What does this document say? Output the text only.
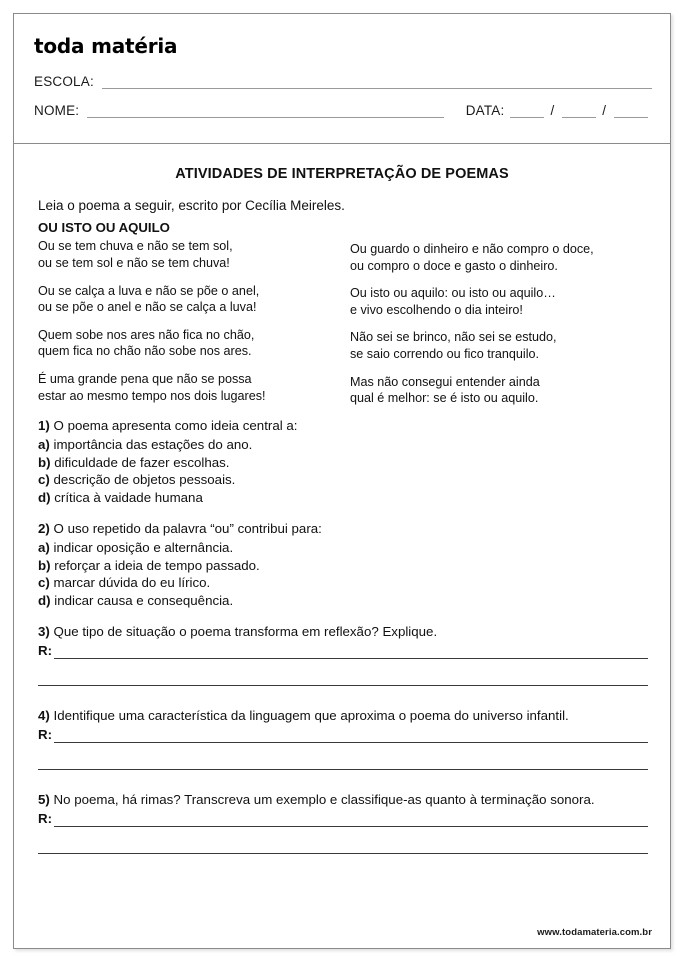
toda matéria
ESCOLA:
NOME:	DATA:	/	/
ATIVIDADES DE INTERPRETAÇÃO DE POEMAS
Leia o poema a seguir, escrito por Cecília Meireles.
OU ISTO OU AQUILO
Ou se tem chuva e não se tem sol,
ou se tem sol e não se tem chuva!
Ou se calça a luva e não se põe o anel,
ou se põe o anel e não se calça a luva!
Quem sobe nos ares não fica no chão,
quem fica no chão não sobe nos ares.
É uma grande pena que não se possa
estar ao mesmo tempo nos dois lugares!
Ou guardo o dinheiro e não compro o doce,
ou compro o doce e gasto o dinheiro.
Ou isto ou aquilo: ou isto ou aquilo…
e vivo escolhendo o dia inteiro!
Não sei se brinco, não sei se estudo,
se saio correndo ou fico tranquilo.
Mas não consegui entender ainda
qual é melhor: se é isto ou aquilo.
1) O poema apresenta como ideia central a:
a) importância das estações do ano.
b) dificuldade de fazer escolhas.
c) descrição de objetos pessoais.
d) crítica à vaidade humana
2) O uso repetido da palavra “ou” contribui para:
a) indicar oposição e alternância.
b) reforçar a ideia de tempo passado.
c) marcar dúvida do eu lírico.
d) indicar causa e consequência.
3) Que tipo de situação o poema transforma em reflexão? Explique.
R:
4) Identifique uma característica da linguagem que aproxima o poema do universo infantil.
R:
5) No poema, há rimas? Transcreva um exemplo e classifique-as quanto à terminação sonora.
R:
www.todamateria.com.br
